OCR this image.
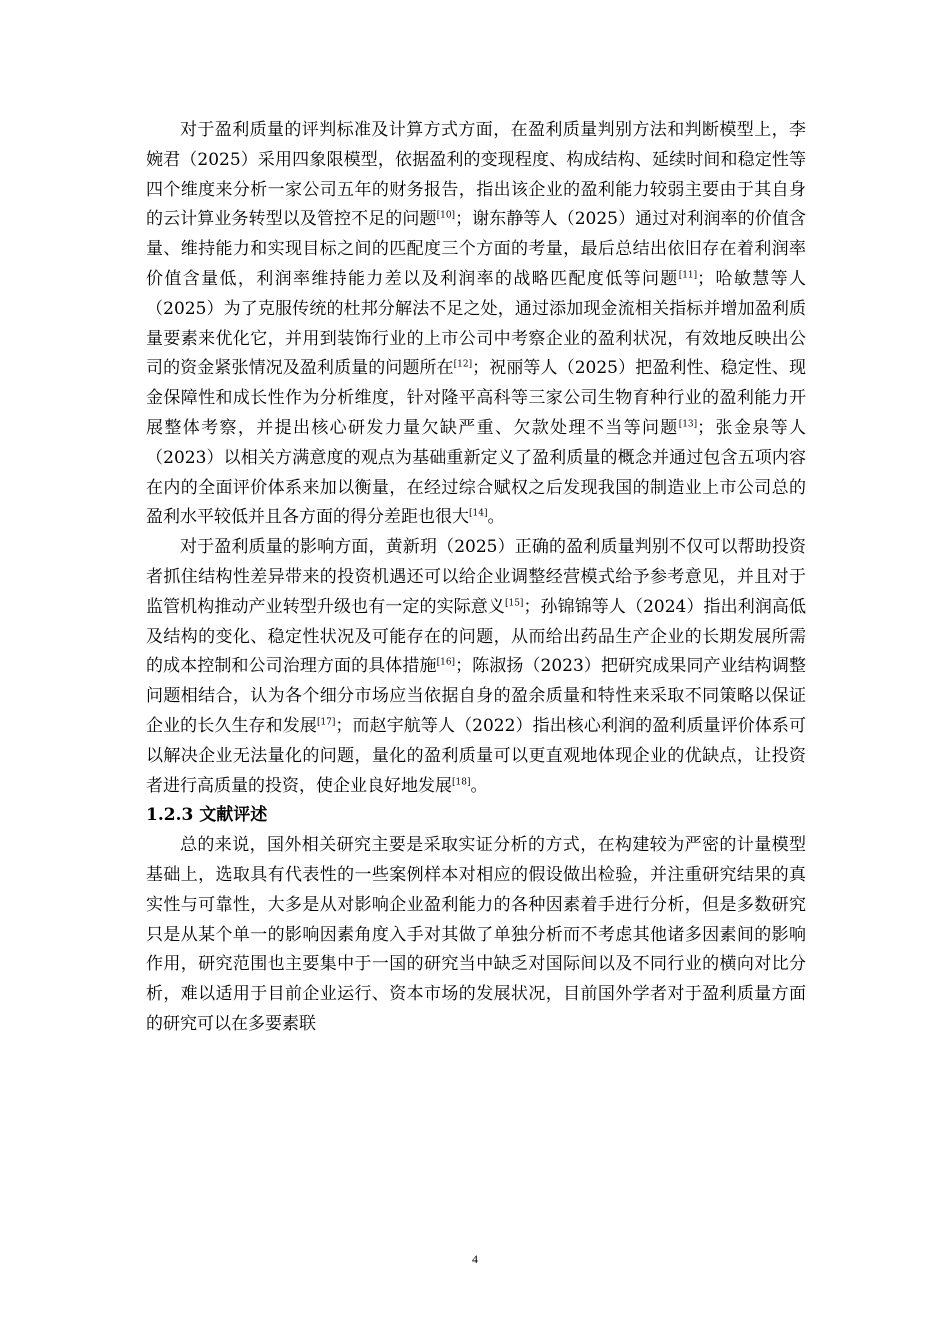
对于盈利质量的评判标准及计算方式方面，在盈利质量判别方法和判断模型上，李婉君（2025）采用四象限模型，依据盈利的变现程度、构成结构、延续时间和稳定性等四个维度来分析一家公司五年的财务报告，指出该企业的盈利能力较弱主要由于其自身的云计算业务转型以及管控不足的问题[10]；谢东静等人（2025）通过对利润率的价值含量、维持能力和实现目标之间的匹配度三个方面的考量，最后总结出依旧存在着利润率价值含量低，利润率维持能力差以及利润率的战略匹配度低等问题[11]；哈敏慧等人（2025）为了克服传统的杜邦分解法不足之处，通过添加现金流相关指标并增加盈利质量要素来优化它，并用到装饰行业的上市公司中考察企业的盈利状况，有效地反映出公司的资金紧张情况及盈利质量的问题所在[12]；祝丽等人（2025）把盈利性、稳定性、现金保障性和成长性作为分析维度，针对隆平高科等三家公司生物育种行业的盈利能力开展整体考察，并提出核心研发力量欠缺严重、欠款处理不当等问题[13]；张金泉等人（2023）以相关方满意度的观点为基础重新定义了盈利质量的概念并通过包含五项内容在内的全面评价体系来加以衡量，在经过综合赋权之后发现我国的制造业上市公司总的盈利水平较低并且各方面的得分差距也很大[14]。

对于盈利质量的影响方面，黄新玥（2025）正确的盈利质量判别不仅可以帮助投资者抓住结构性差异带来的投资机遇还可以给企业调整经营模式给予参考意见，并且对于监管机构推动产业转型升级也有一定的实际意义[15]；孙锦锦等人（2024）指出利润高低及结构的变化、稳定性状况及可能存在的问题，从而给出药品生产企业的长期发展所需的成本控制和公司治理方面的具体措施[16]；陈淑扬（2023）把研究成果同产业结构调整问题相结合，认为各个细分市场应当依据自身的盈余质量和特性来采取不同策略以保证企业的长久生存和发展[17]；而赵宇航等人（2022）指出核心利润的盈利质量评价体系可以解决企业无法量化的问题，量化的盈利质量可以更直观地体现企业的优缺点，让投资者进行高质量的投资，使企业良好地发展[18]。

1.2.3 文献评述

总的来说，国外相关研究主要是采取实证分析的方式，在构建较为严密的计量模型基础上，选取具有代表性的一些案例样本对相应的假设做出检验，并注重研究结果的真实性与可靠性，大多是从对影响企业盈利能力的各种因素着手进行分析，但是多数研究只是从某个单一的影响因素角度入手对其做了单独分析而不考虑其他诸多因素间的影响作用，研究范围也主要集中于一国的研究当中缺乏对国际间以及不同行业的横向对比分析，难以适用于目前企业运行、资本市场的发展状况，目前国外学者对于盈利质量方面的研究可以在多要素联

4
